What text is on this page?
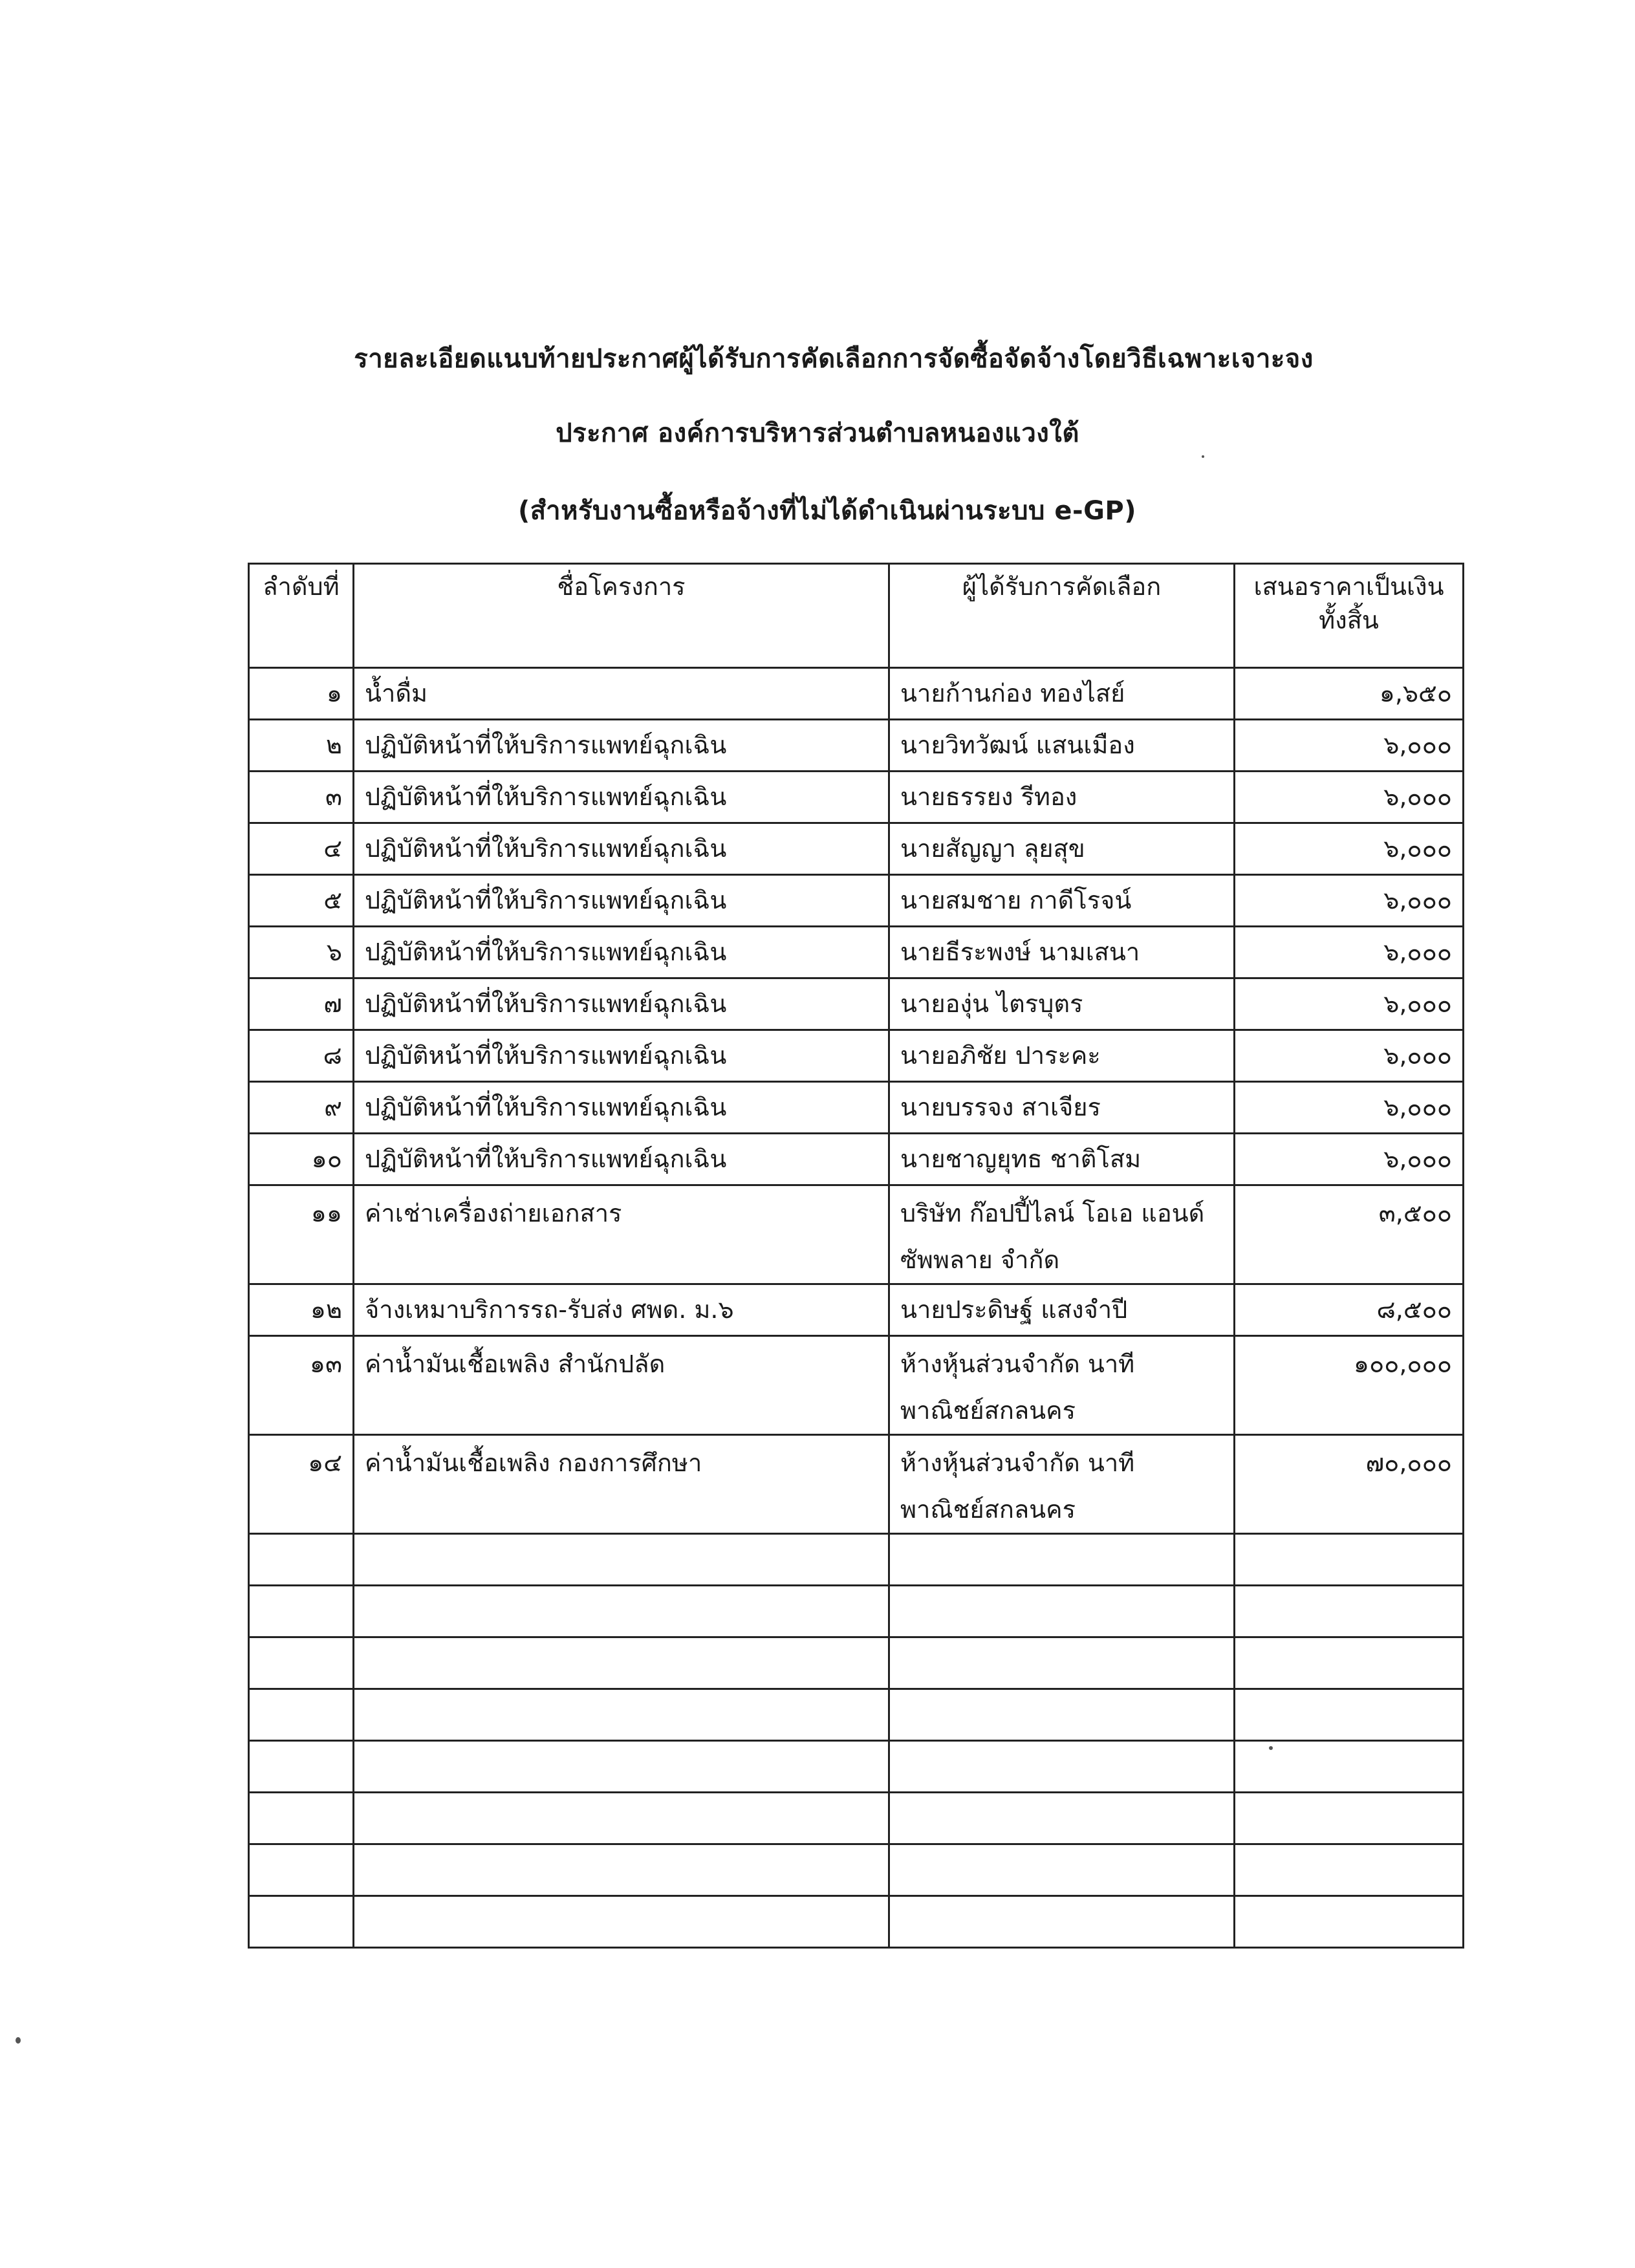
รายละเอียดแนบท้ายประกาศผู้ได้รับการคัดเลือกการจัดซื้อจัดจ้างโดยวิธีเฉพาะเจาะจง
ประกาศ องค์การบริหารส่วนตำบลหนองแวงใต้
(สำหรับงานซื้อหรือจ้างที่ไม่ได้ดำเนินผ่านระบบ e-GP)
ลำดับที่	ชื่อโครงการ	ผู้ได้รับการคัดเลือก	เสนอราคาเป็นเงินทั้งสิ้น
๑	น้ำดื่ม	นายก้านก่อง ทองไสย์	๑,๖๕๐
๒	ปฏิบัติหน้าที่ให้บริการแพทย์ฉุกเฉิน	นายวิทวัฒน์ แสนเมือง	๖,๐๐๐
๓	ปฏิบัติหน้าที่ให้บริการแพทย์ฉุกเฉิน	นายธรรยง รีทอง	๖,๐๐๐
๔	ปฏิบัติหน้าที่ให้บริการแพทย์ฉุกเฉิน	นายสัญญา ลุยสุข	๖,๐๐๐
๕	ปฏิบัติหน้าที่ให้บริการแพทย์ฉุกเฉิน	นายสมชาย กาดีโรจน์	๖,๐๐๐
๖	ปฏิบัติหน้าที่ให้บริการแพทย์ฉุกเฉิน	นายธีระพงษ์ นามเสนา	๖,๐๐๐
๗	ปฏิบัติหน้าที่ให้บริการแพทย์ฉุกเฉิน	นายองุ่น ไตรบุตร	๖,๐๐๐
๘	ปฏิบัติหน้าที่ให้บริการแพทย์ฉุกเฉิน	นายอภิชัย ปาระคะ	๖,๐๐๐
๙	ปฏิบัติหน้าที่ให้บริการแพทย์ฉุกเฉิน	นายบรรจง สาเจียร	๖,๐๐๐
๑๐	ปฏิบัติหน้าที่ให้บริการแพทย์ฉุกเฉิน	นายชาญยุทธ ชาติโสม	๖,๐๐๐
๑๑	ค่าเช่าเครื่องถ่ายเอกสาร	บริษัท ก๊อปปี้ไลน์ โอเอ แอนด์ ซัพพลาย จำกัด	๓,๕๐๐
๑๒	จ้างเหมาบริการรถ-รับส่ง ศพด. ม.๖	นายประดิษฐ์ แสงจำปี	๘,๕๐๐
๑๓	ค่าน้ำมันเชื้อเพลิง สำนักปลัด	ห้างหุ้นส่วนจำกัด นาที พาณิชย์สกลนคร	๑๐๐,๐๐๐
๑๔	ค่าน้ำมันเชื้อเพลิง กองการศึกษา	ห้างหุ้นส่วนจำกัด นาที พาณิชย์สกลนคร	๗๐,๐๐๐
